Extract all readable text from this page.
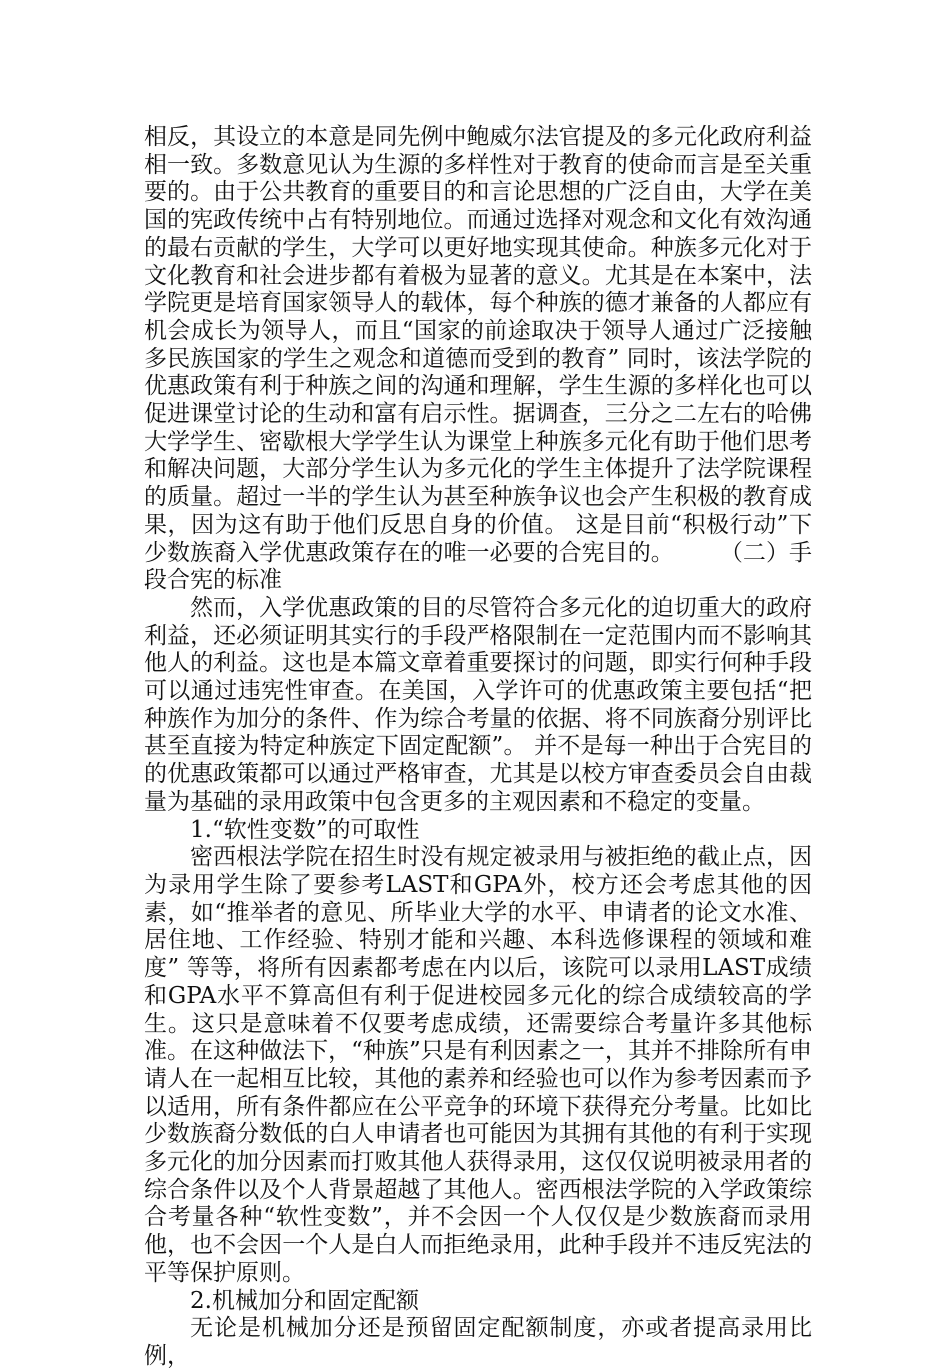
相反，其设立的本意是同先例中鲍威尔法官提及的多元化政府利益相一致。多数意见认为生源的多样性对于教育的使命而言是至关重要的。由于公共教育的重要目的和言论思想的广泛自由，大学在美国的宪政传统中占有特别地位。而通过选择对观念和文化有效沟通的最右贡献的学生，大学可以更好地实现其使命。种族多元化对于文化教育和社会进步都有着极为显著的意义。尤其是在本案中，法学院更是培育国家领导人的载体，每个种族的德才兼备的人都应有机会成长为领导人，而且“国家的前途取决于领导人通过广泛接触多民族国家的学生之观念和道德而受到的教育” 同时，该法学院的优惠政策有利于种族之间的沟通和理解，学生生源的多样化也可以促进课堂讨论的生动和富有启示性。据调查，三分之二左右的哈佛大学学生、密歇根大学学生认为课堂上种族多元化有助于他们思考和解决问题，大部分学生认为多元化的学生主体提升了法学院课程的质量。超过一半的学生认为甚至种族争议也会产生积极的教育成果，因为这有助于他们反思自身的价值。 这是目前“积极行动”下少数族裔入学优惠政策存在的唯一必要的合宪目的。　　　（二）手段合宪的标准

然而，入学优惠政策的目的尽管符合多元化的迫切重大的政府利益，还必须证明其实行的手段严格限制在一定范围内而不影响其他人的利益。这也是本篇文章着重要探讨的问题，即实行何种手段可以通过违宪性审查。在美国，入学许可的优惠政策主要包括“把种族作为加分的条件、作为综合考量的依据、将不同族裔分别评比甚至直接为特定种族定下固定配额”。 并不是每一种出于合宪目的的优惠政策都可以通过严格审查，尤其是以校方审查委员会自由裁量为基础的录用政策中包含更多的主观因素和不稳定的变量。

1.“软性变数”的可取性

密西根法学院在招生时没有规定被录用与被拒绝的截止点，因为录用学生除了要参考LAST和GPA外，校方还会考虑其他的因素，如“推举者的意见、所毕业大学的水平、申请者的论文水准、居住地、工作经验、特别才能和兴趣、本科选修课程的领域和难度” 等等，将所有因素都考虑在内以后，该院可以录用LAST成绩和GPA水平不算高但有利于促进校园多元化的综合成绩较高的学生。这只是意味着不仅要考虑成绩，还需要综合考量许多其他标准。在这种做法下，“种族”只是有利因素之一，其并不排除所有申请人在一起相互比较，其他的素养和经验也可以作为参考因素而予以适用，所有条件都应在公平竞争的环境下获得充分考量。比如比少数族裔分数低的白人申请者也可能因为其拥有其他的有利于实现多元化的加分因素而打败其他人获得录用，这仅仅说明被录用者的综合条件以及个人背景超越了其他人。密西根法学院的入学政策综合考量各种“软性变数”，并不会因一个人仅仅是少数族裔而录用他，也不会因一个人是白人而拒绝录用，此种手段并不违反宪法的平等保护原则。

2.机械加分和固定配额

无论是机械加分还是预留固定配额制度，亦或者提高录用比例，
